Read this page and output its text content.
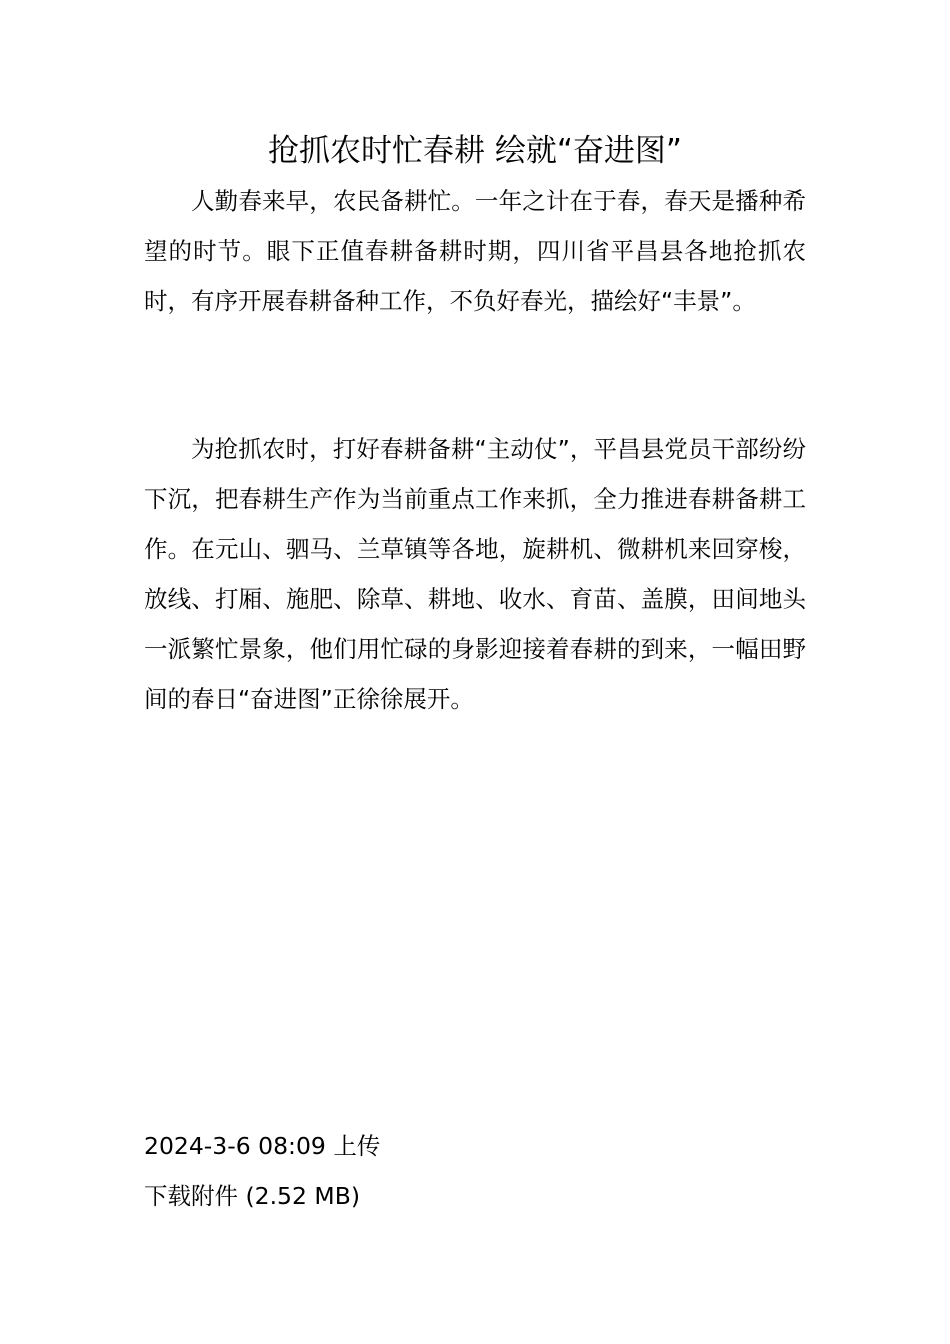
抢抓农时忙春耕 绘就“奋进图”

人勤春来早，农民备耕忙。一年之计在于春，春天是播种希望的时节。眼下正值春耕备耕时期，四川省平昌县各地抢抓农时，有序开展春耕备种工作，不负好春光，描绘好“丰景”。

为抢抓农时，打好春耕备耕“主动仗”，平昌县党员干部纷纷下沉，把春耕生产作为当前重点工作来抓，全力推进春耕备耕工作。在元山、驷马、兰草镇等各地，旋耕机、微耕机来回穿梭，放线、打厢、施肥、除草、耕地、收水、育苗、盖膜，田间地头一派繁忙景象，他们用忙碌的身影迎接着春耕的到来，一幅田野间的春日“奋进图”正徐徐展开。

2024-3-6 08:09 上传
下载附件 (2.52 MB)
